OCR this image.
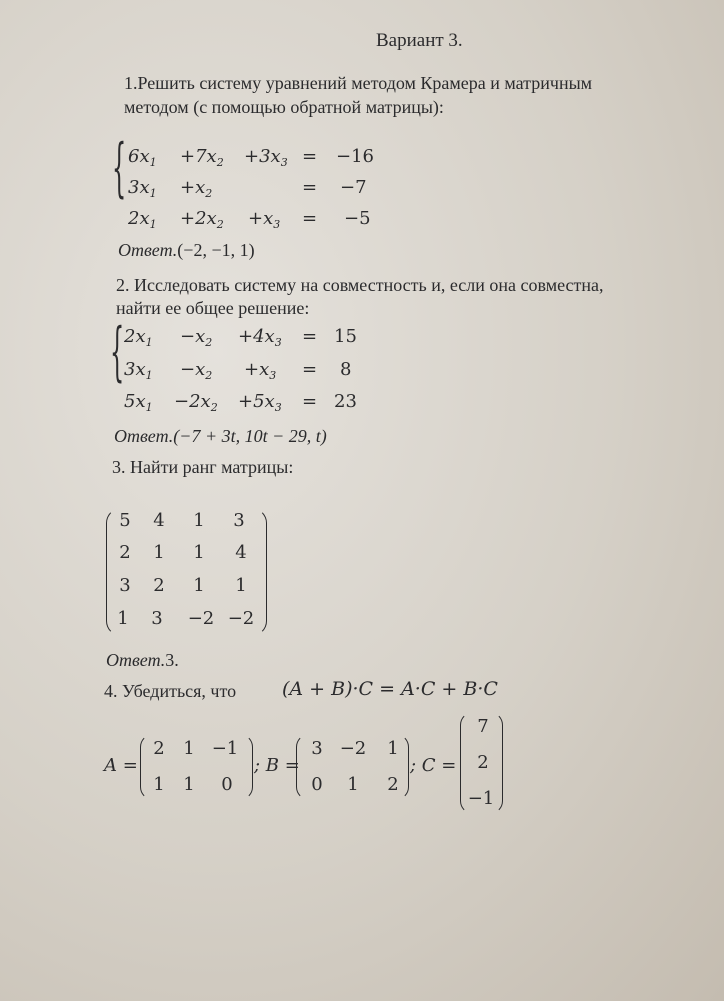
Вариант 3.
1.Решить систему уравнений методом Крамера и матричным
методом (с помощью обратной матрицы):
{ $6x_1 +7x_2 +3x_3 = -16$
$3x_1 +x_2$	= −7
$2x_1 +2x_2 +x_3 = -5$
Ответ.(−2, −1, 1)
2. Исследовать систему на совместность и, если она совместна,
найти ее общее решение:
{ $2x_1 -x_2 +4x_3 = 15$
$3x_1 -x_2 +x_3 = 8$
$5x_1 -2x_2 +5x_3 = 23$
Ответ.(−7 + 3t, 10t − 29, t)
3. Найти ранг матрицы:
5	4	1	3
2	1	1	4
3	2	1	1
1	3	−2 −2
Ответ.3.
4. Убедиться, что (A + B)·C = A·C + B·C
A =
2	1 −1
1	1	0
; B =
3 −2	1
0	1	2
; C =
7
2
−1
